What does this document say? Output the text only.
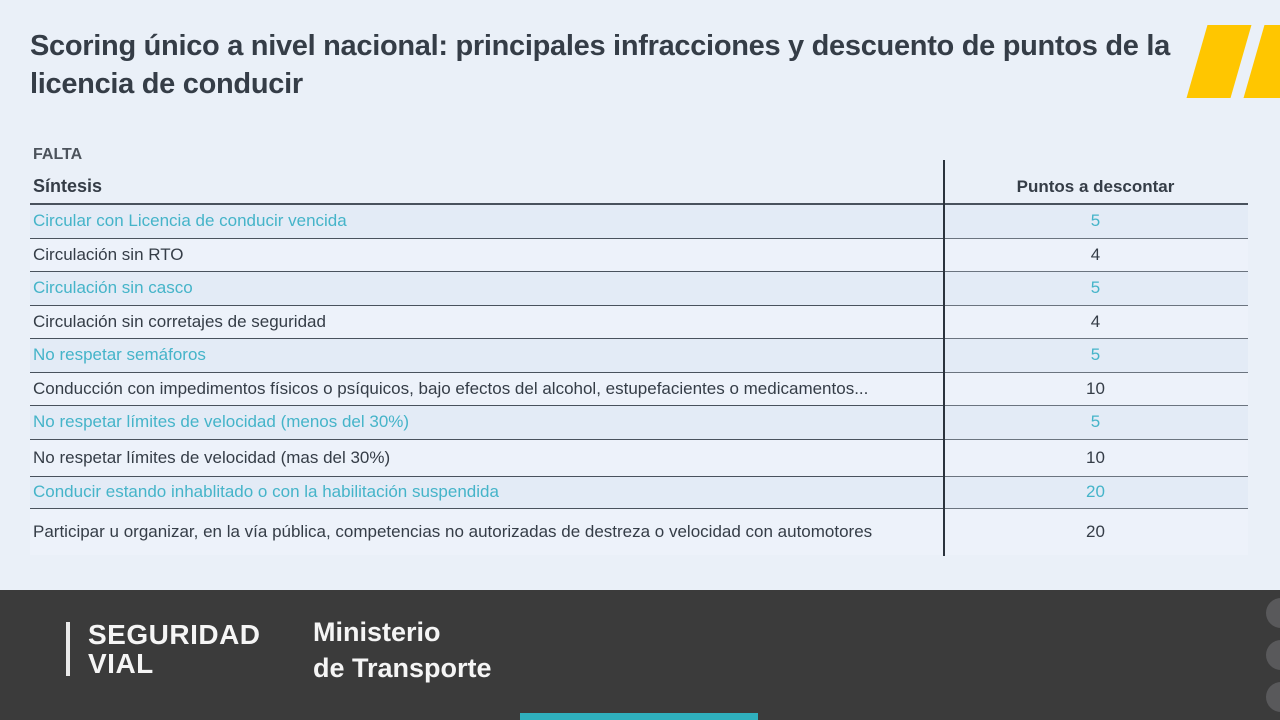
Scoring único a nivel nacional: principales infracciones y descuento de puntos de la licencia de conducir
FALTA
Síntesis	Puntos a descontar
Circular con Licencia de conducir vencida	5
Circulación sin RTO	4
Circulación sin casco	5
Circulación sin corretajes de seguridad	4
No respetar semáforos	5
Conducción con impedimentos físicos o psíquicos, bajo efectos del alcohol, estupefacientes o medicamentos...	10
No respetar límites de velocidad (menos del 30%)	5
No respetar límites de velocidad (mas del 30%)	10
Conducir estando inhablitado o con la habilitación suspendida	20
Participar u organizar, en la vía pública, competencias no autorizadas de destreza o velocidad con automotores	20
SEGURIDAD
VIAL
Ministerio
de Transporte
